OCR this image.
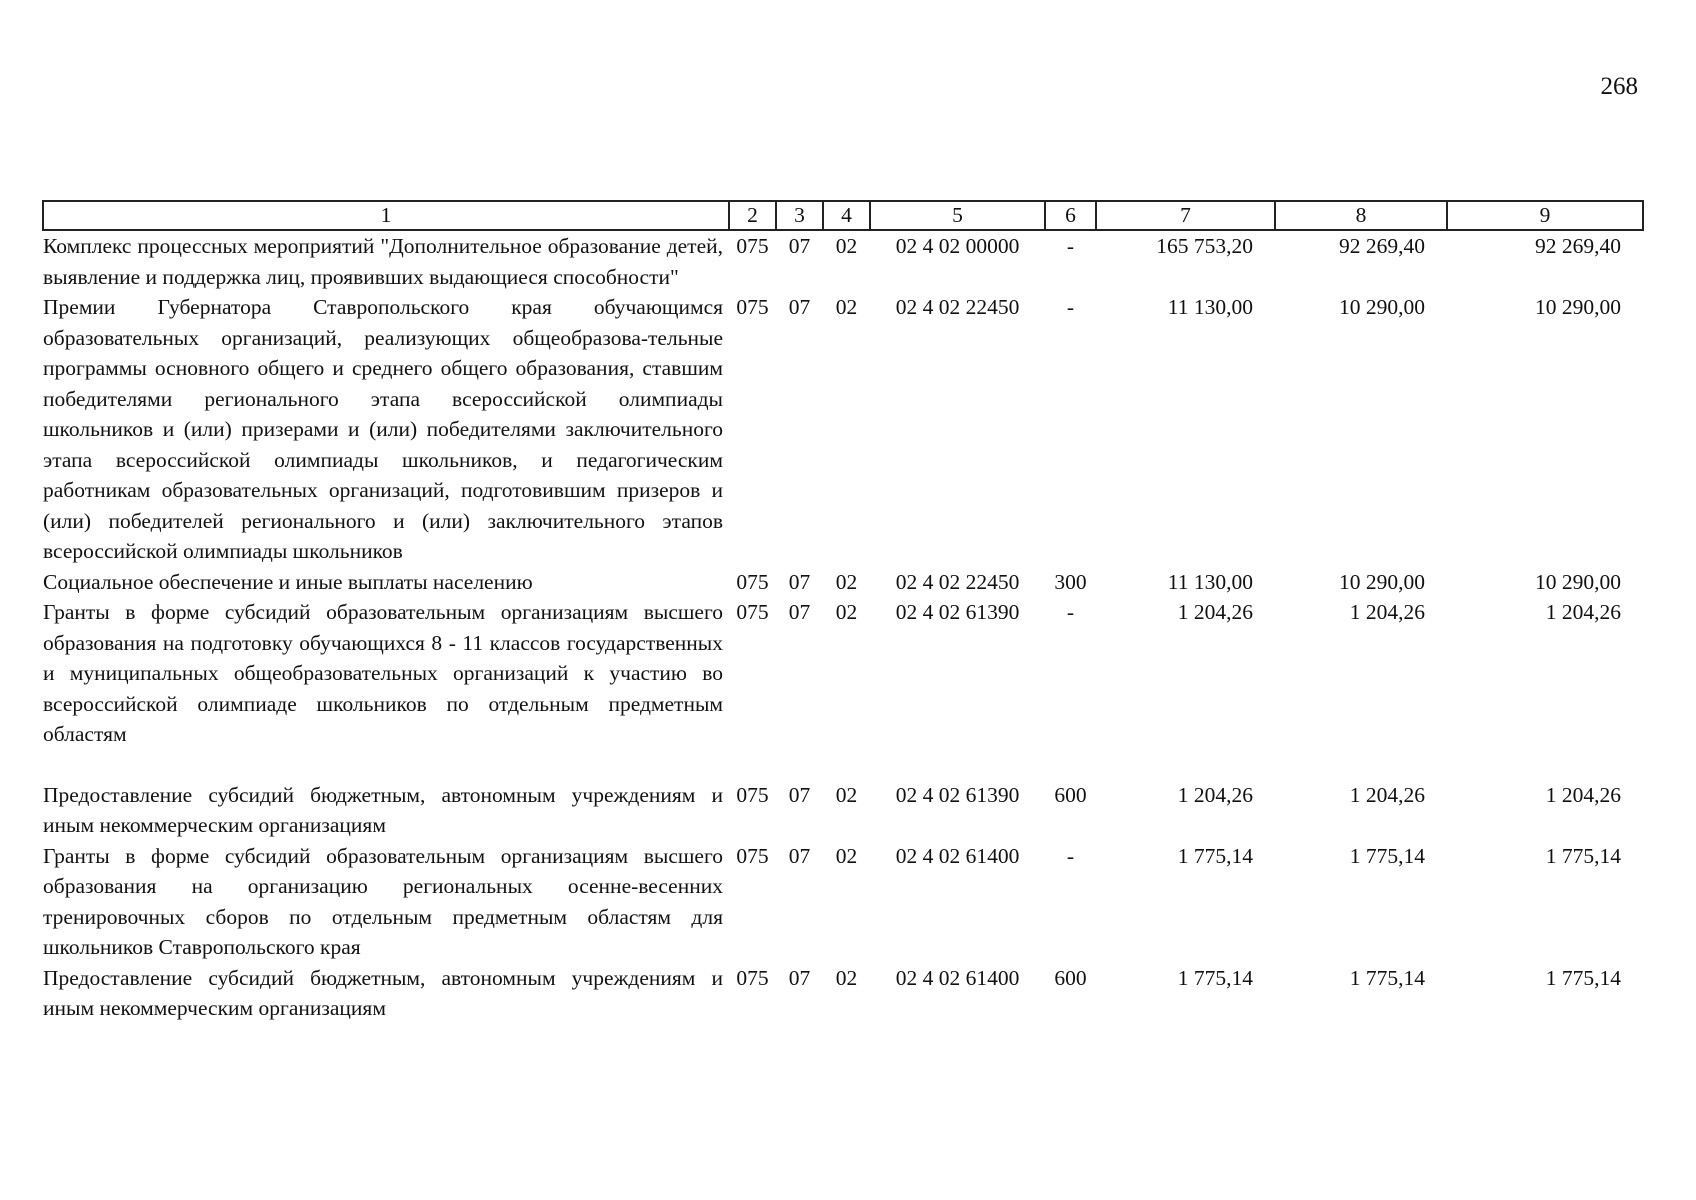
268
1	2	3	4	5	6	7	8	9
Комплекс процессных мероприятий "Дополнительное образование детей, выявление и поддержка лиц, проявивших выдающиеся способности"	075	07	02	02 4 02 00000	-	165 753,20	92 269,40	92 269,40
Премии Губернатора Ставропольского края обучающимся образовательных организаций, реализующих общеобразова-тельные программы основного общего и среднего общего образования, ставшим победителями регионального этапа всероссийской олимпиады школьников и (или) призерами и (или) победителями заключительного этапа всероссийской олимпиады школьников, и педагогическим работникам образовательных организаций, подготовившим призеров и (или) победителей регионального и (или) заключительного этапов всероссийской олимпиады школьников	075	07	02	02 4 02 22450	-	11 130,00	10 290,00	10 290,00
Социальное обеспечение и иные выплаты населению	075	07	02	02 4 02 22450	300	11 130,00	10 290,00	10 290,00
Гранты в форме субсидий образовательным организациям высшего образования на подготовку обучающихся 8 - 11 классов государственных и муниципальных общеобразовательных организаций к участию во всероссийской олимпиаде школьников по отдельным предметным областям	075	07	02	02 4 02 61390	-	1 204,26	1 204,26	1 204,26

Предоставление субсидий бюджетным, автономным учреждениям и иным некоммерческим организациям	075	07	02	02 4 02 61390	600	1 204,26	1 204,26	1 204,26
Гранты в форме субсидий образовательным организациям высшего образования на организацию региональных осенне-весенних тренировочных сборов по отдельным предметным областям для школьников Ставропольского края	075	07	02	02 4 02 61400	-	1 775,14	1 775,14	1 775,14
Предоставление субсидий бюджетным, автономным учреждениям и иным некоммерческим организациям	075	07	02	02 4 02 61400	600	1 775,14	1 775,14	1 775,14
